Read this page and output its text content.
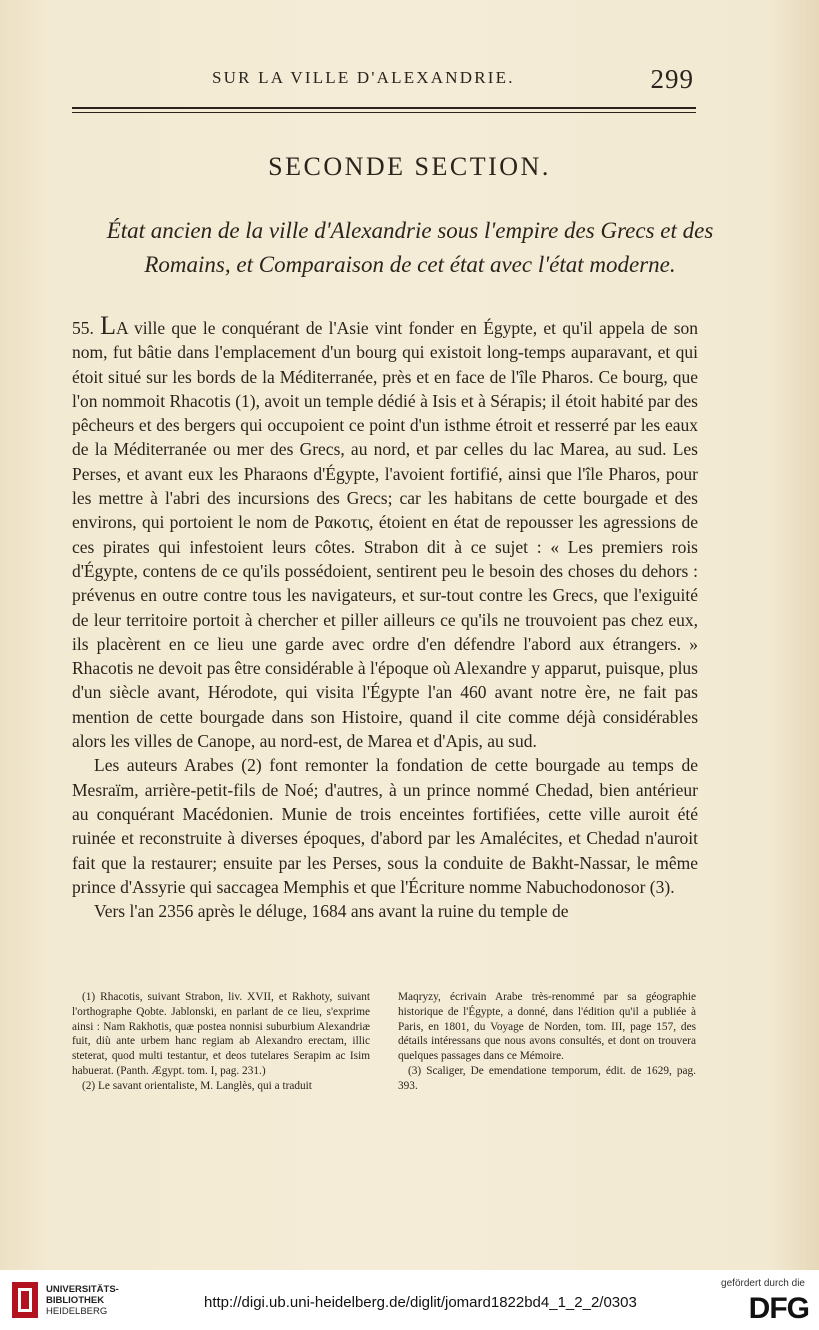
SUR LA VILLE D'ALEXANDRIE.	299
SECONDE SECTION.
État ancien de la ville d'Alexandrie sous l'empire des Grecs et des
Romains, et Comparaison de cet état avec l'état moderne.

55. LA ville que le conquérant de l'Asie vint fonder en Égypte, et qu'il appela de son nom, fut bâtie dans l'emplacement d'un bourg qui existoit long-temps auparavant, et qui étoit situé sur les bords de la Méditerranée, près et en face de l'île Pharos. Ce bourg, que l'on nommoit Rhacotis (1), avoit un temple dédié à Isis et à Sérapis; il étoit habité par des pêcheurs et des bergers qui occupoient ce point d'un isthme étroit et resserré par les eaux de la Méditerranée ou mer des Grecs, au nord, et par celles du lac Marea, au sud. Les Perses, et avant eux les Pharaons d'Égypte, l'avoient fortifié, ainsi que l'île Pharos, pour les mettre à l'abri des incursions des Grecs; car les habitans de cette bourgade et des environs, qui portoient le nom de Ρακοτις, étoient en état de repousser les agressions de ces pirates qui infestoient leurs côtes. Strabon dit à ce sujet : « Les premiers rois d'Égypte, contens de ce qu'ils possédoient, sentirent peu le besoin des choses du dehors : prévenus en outre contre tous les navigateurs, et sur-tout contre les Grecs, que l'exiguité de leur territoire portoit à chercher et piller ailleurs ce qu'ils ne trouvoient pas chez eux, ils placèrent en ce lieu une garde avec ordre d'en défendre l'abord aux étrangers. » Rhacotis ne devoit pas être considérable à l'époque où Alexandre y apparut, puisque, plus d'un siècle avant, Hérodote, qui visita l'Égypte l'an 460 avant notre ère, ne fait pas mention de cette bourgade dans son Histoire, quand il cite comme déjà considérables alors les villes de Canope, au nord-est, de Marea et d'Apis, au sud.

Les auteurs Arabes (2) font remonter la fondation de cette bourgade au temps de Mesraïm, arrière-petit-fils de Noé; d'autres, à un prince nommé Chedad, bien antérieur au conquérant Macédonien. Munie de trois enceintes fortifiées, cette ville auroit été ruinée et reconstruite à diverses époques, d'abord par les Amalécites, et Chedad n'auroit fait que la restaurer; ensuite par les Perses, sous la conduite de Bakht-Nassar, le même prince d'Assyrie qui saccagea Memphis et que l'Écriture nomme Nabuchodonosor (3).

Vers l'an 2356 après le déluge, 1684 ans avant la ruine du temple de

(1) Rhacotis, suivant Strabon, liv. XVII, et Rakhoty, suivant l'orthographe Qobte. Jablonski, en parlant de ce lieu, s'exprime ainsi : Nam Rakhotis, quæ postea nonnisi suburbium Alexandriæ fuit, diù ante urbem hanc regiam ab Alexandro erectam, illic steterat, quod multi testantur, et deos tutelares Serapim ac Isim habuerat. (Panth. Ægypt. tom. I, pag. 231.)

(2) Le savant orientaliste, M. Langlès, qui a traduit

Maqryzy, écrivain Arabe très-renommé par sa géographie historique de l'Égypte, a donné, dans l'édition qu'il a publiée à Paris, en 1801, du Voyage de Norden, tom. III, page 157, des détails intéressans que nous avons consultés, et dont on trouvera quelques passages dans ce Mémoire.

(3) Scaliger, De emendatione temporum, édit. de 1629, pag. 393.

UNIVERSITÄTS-
BIBLIOTHEK
HEIDELBERG
http://digi.ub.uni-heidelberg.de/diglit/jomard1822bd4_1_2_2/0303
gefördert durch die
DFG
